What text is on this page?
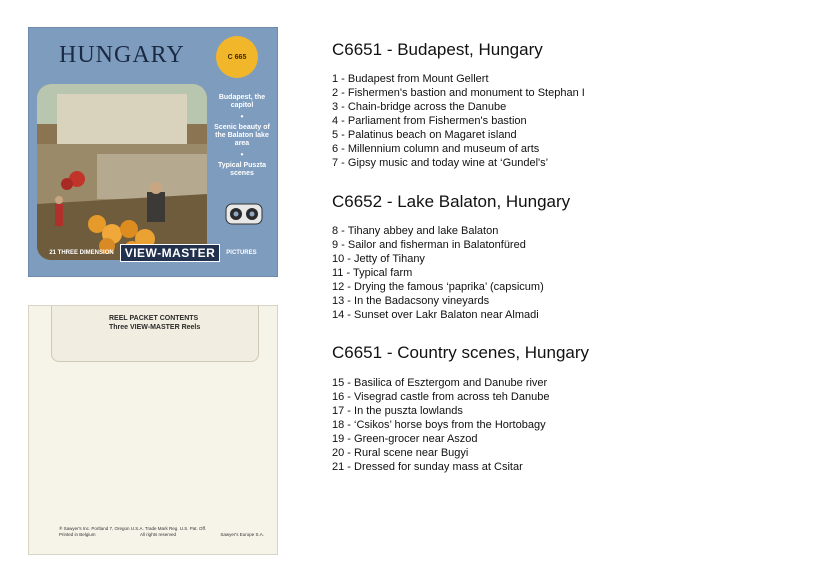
HUNGARY	C 665

Budapest, the capitol

•

Scenic beauty of the Balaton lake area

•

Typical Puszta scenes

21 THREE DIMENSION VIEW-MASTER	PICTURES

REEL PACKET CONTENTS
Three VIEW-MASTER Reels

® Sawyer's Inc. Portland 7, Oregon U.S.A. Trade Mark Reg. U.S. Pat. Off.
Printed in Belgium	All rights reserved	Sawyer's Europe S.A.
C6651 - Budapest, Hungary
1 - Budapest from Mount Gellert
2 - Fishermen's bastion and monument to Stephan I
3 - Chain-bridge across the Danube
4 - Parliament from Fishermen's bastion
5 - Palatinus beach on Magaret island
6 - Millennium column and museum of arts
7 - Gipsy music and today wine at ‘Gundel's’
C6652 - Lake Balaton, Hungary
8 - Tihany abbey and lake Balaton
9 - Sailor and fisherman in Balatonfüred
10 - Jetty of Tihany
11 - Typical farm
12 - Drying the famous ‘paprika’ (capsicum)
13 - In the Badacsony vineyards
14 - Sunset over Lakr Balaton near Almadi
C6651 - Country scenes, Hungary
15 - Basilica of Esztergom and Danube river
16 - Visegrad castle from across teh Danube
17 - In the puszta lowlands
18 - ‘Csikos’ horse boys from the Hortobagy
19 - Green-grocer near Aszod
20 - Rural scene near Bugyi
21 - Dressed for sunday mass at Csitar
